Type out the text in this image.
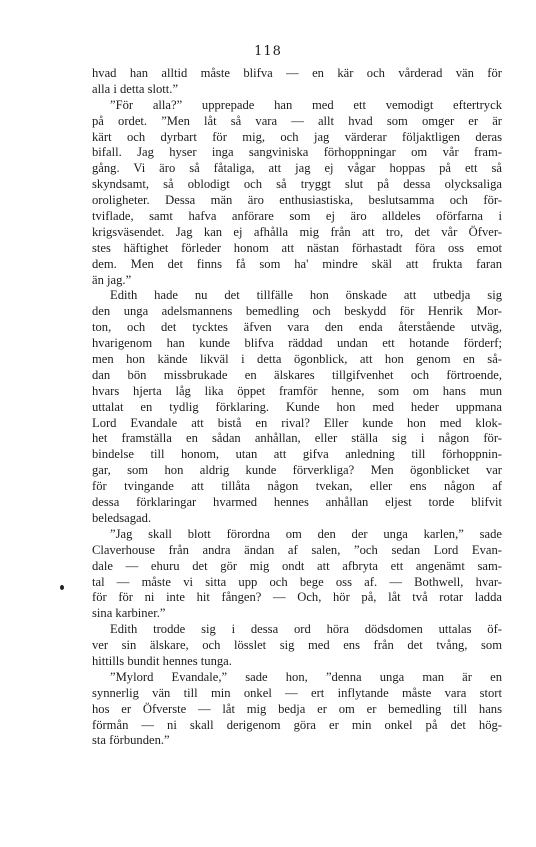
118
hvad han alltid måste blifva — en kär och vårderad vän för
alla i detta slott.”
”För alla?” upprepade han med ett vemodigt eftertryck
på ordet. ”Men låt så vara — allt hvad som omger er är
kärt och dyrbart för mig, och jag värderar följaktligen deras
bifall. Jag hyser inga sangviniska förhoppningar om vår fram-
gång. Vi äro så fåtaliga, att jag ej vågar hoppas på ett så
skyndsamt, så oblodigt och så tryggt slut på dessa olycksaliga
oroligheter. Dessa män äro enthusiastiska, beslutsamma och för-
tviflade, samt hafva anförare som ej äro alldeles oförfarna i
krigsväsendet. Jag kan ej afhålla mig från att tro, det vår Öfver-
stes häftighet förleder honom att nästan förhastadt föra oss emot
dem. Men det finns få som ha' mindre skäl att frukta faran
än jag.”
Edith hade nu det tillfälle hon önskade att utbedja sig
den unga adelsmannens bemedling och beskydd för Henrik Mor-
ton, och det tycktes äfven vara den enda återstående utväg,
hvarigenom han kunde blifva räddad undan ett hotande förderf;
men hon kände likväl i detta ögonblick, att hon genom en så-
dan bön missbrukade en älskares tillgifvenhet och förtroende,
hvars hjerta låg lika öppet framför henne, som om hans mun
uttalat en tydlig förklaring. Kunde hon med heder uppmana
Lord Evandale att bistå en rival? Eller kunde hon med klok-
het framställa en sådan anhållan, eller ställa sig i någon för-
bindelse till honom, utan att gifva anledning till förhoppnin-
gar, som hon aldrig kunde förverkliga? Men ögonblicket var
för tvingande att tillåta någon tvekan, eller ens någon af
dessa förklaringar hvarmed hennes anhållan eljest torde blifvit
beledsagad.
”Jag skall blott förordna om den der unga karlen,” sade
Claverhouse från andra ändan af salen, ”och sedan Lord Evan-
dale — ehuru det gör mig ondt att afbryta ett angenämt sam-
tal — måste vi sitta upp och bege oss af. — Bothwell, hvar-
för för ni inte hit fången? — Och, hör på, låt två rotar ladda
sina karbiner.”
Edith trodde sig i dessa ord höra dödsdomen uttalas öf-
ver sin älskare, och lösslet sig med ens från det tvång, som
hittills bundit hennes tunga.
”Mylord Evandale,” sade hon, ”denna unga man är en
synnerlig vän till min onkel — ert inflytande måste vara stort
hos er Öfverste — låt mig bedja er om er bemedling till hans
förmån — ni skall derigenom göra er min onkel på det hög-
sta förbunden.”
